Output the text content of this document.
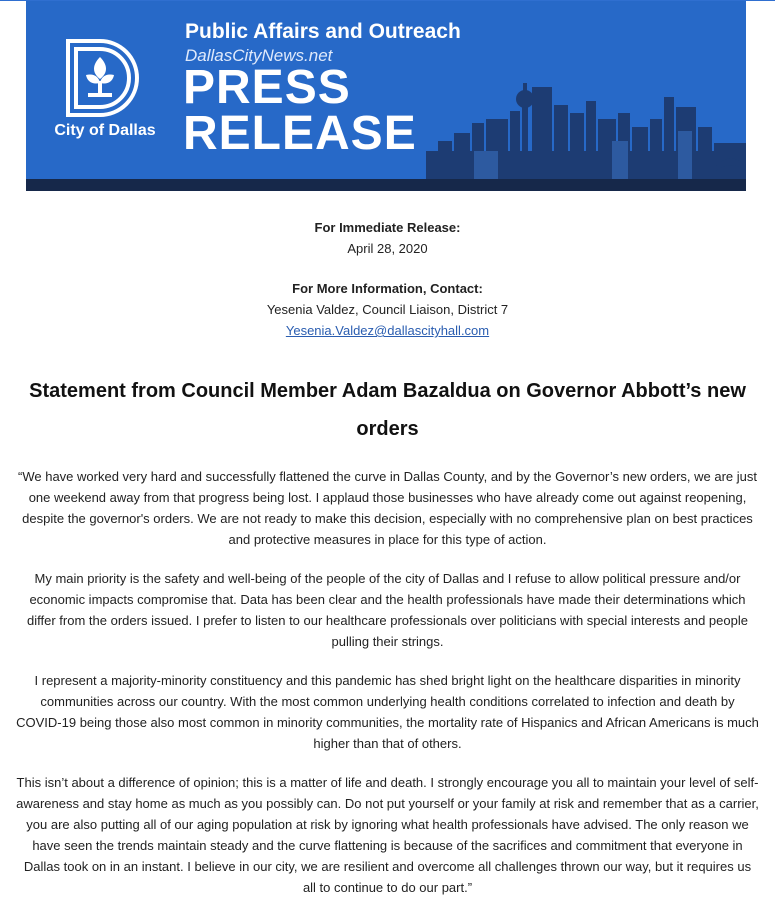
City of Dallas
Public Affairs and Outreach
DallasCityNews.net
PRESS
RELEASE
For Immediate Release:
April 28, 2020
For More Information, Contact:
Yesenia Valdez, Council Liaison, District 7
Yesenia.Valdez@dallascityhall.com
Statement from Council Member Adam Bazaldua on Governor Abbott’s new orders

“We have worked very hard and successfully flattened the curve in Dallas County, and by the Governor’s new orders, we are just one weekend away from that progress being lost. I applaud those businesses who have already come out against reopening, despite the governor's orders. We are not ready to make this decision, especially with no comprehensive plan on best practices and protective measures in place for this type of action.

My main priority is the safety and well-being of the people of the city of Dallas and I refuse to allow political pressure and/or economic impacts compromise that. Data has been clear and the health professionals have made their determinations which differ from the orders issued. I prefer to listen to our healthcare professionals over politicians with special interests and people pulling their strings.

I represent a majority-minority constituency and this pandemic has shed bright light on the healthcare disparities in minority communities across our country. With the most common underlying health conditions correlated to infection and death by COVID-19 being those also most common in minority communities, the mortality rate of Hispanics and African Americans is much higher than that of others.

This isn’t about a difference of opinion; this is a matter of life and death. I strongly encourage you all to maintain your level of self-awareness and stay home as much as you possibly can. Do not put yourself or your family at risk and remember that as a carrier, you are also putting all of our aging population at risk by ignoring what health professionals have advised. The only reason we have seen the trends maintain steady and the curve flattening is because of the sacrifices and commitment that everyone in Dallas took on in an instant. I believe in our city, we are resilient and overcome all challenges thrown our way, but it requires us all to continue to do our part.”
